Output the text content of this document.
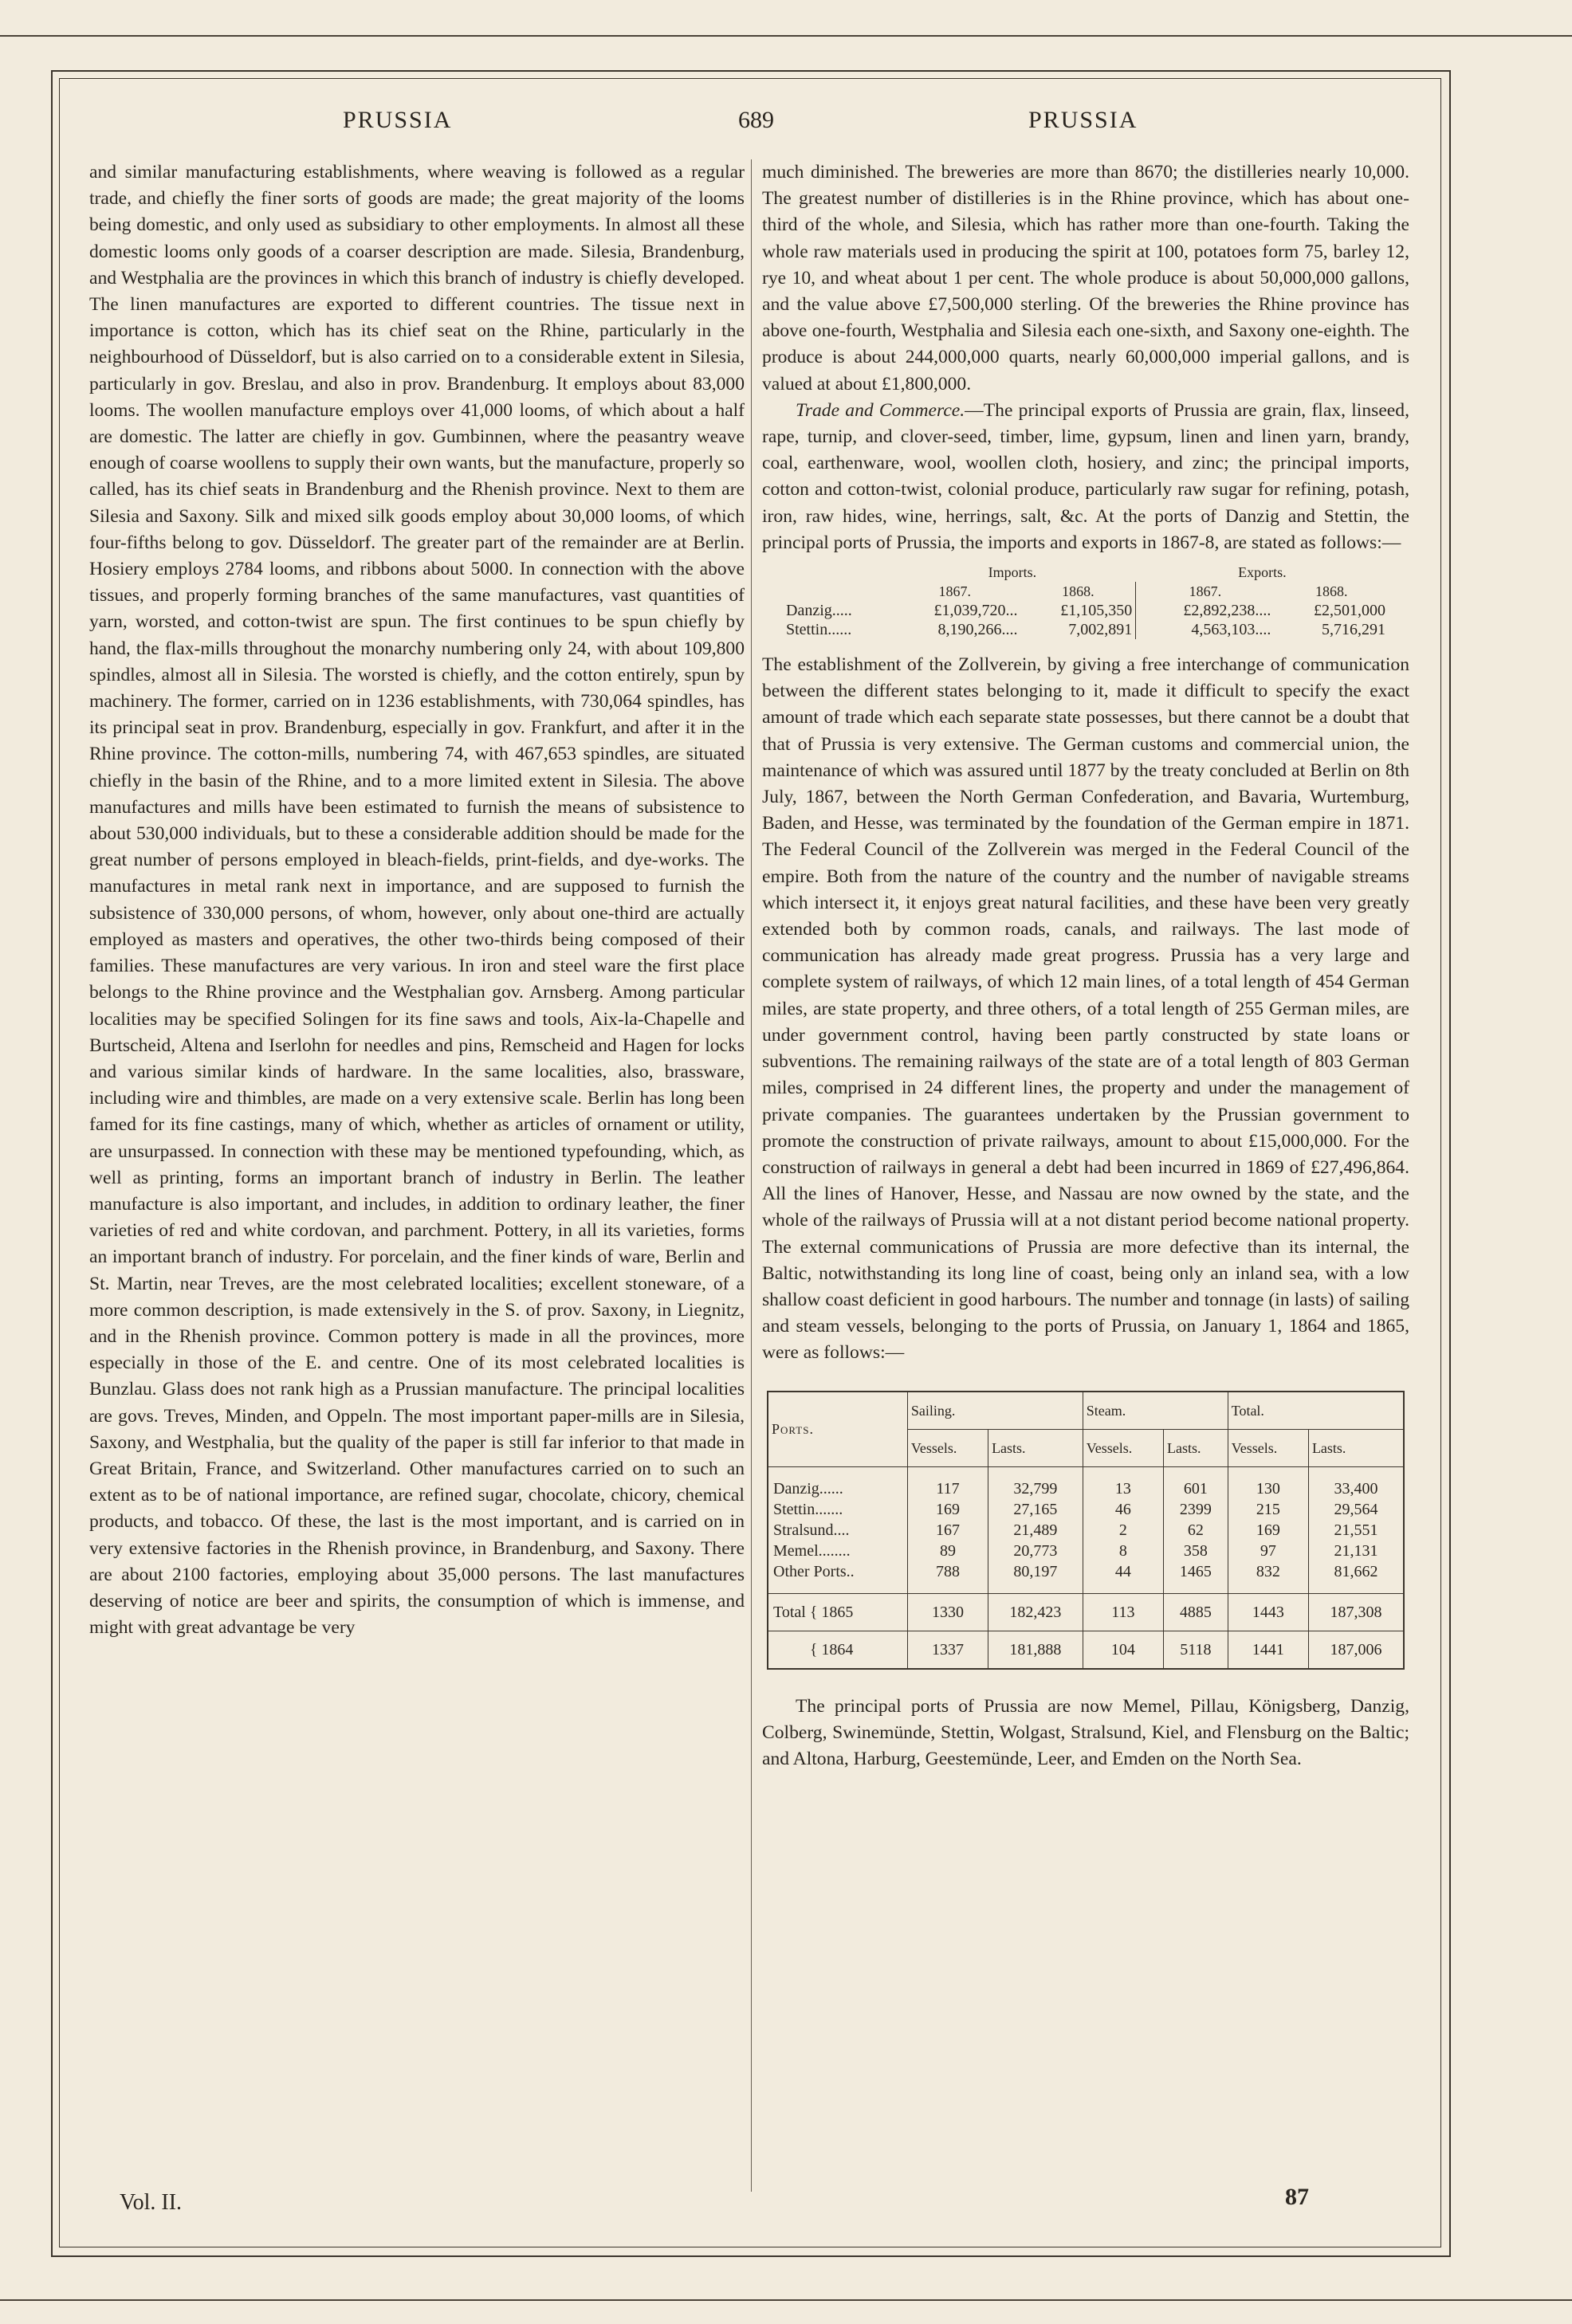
PRUSSIA	689	PRUSSIA

and similar manufacturing establishments, where weaving is followed as a regular trade, and chiefly the finer sorts of goods are made; the great majority of the looms being domestic, and only used as subsidiary to other employments. In almost all these domestic looms only goods of a coarser description are made. Silesia, Brandenburg, and Westphalia are the provinces in which this branch of industry is chiefly developed. The linen manufactures are exported to different countries. The tissue next in importance is cotton, which has its chief seat on the Rhine, particularly in the neighbourhood of Düsseldorf, but is also carried on to a considerable extent in Silesia, particularly in gov. Breslau, and also in prov. Brandenburg. It employs about 83,000 looms. The woollen manufacture employs over 41,000 looms, of which about a half are domestic. The latter are chiefly in gov. Gumbinnen, where the peasantry weave enough of coarse woollens to supply their own wants, but the manufacture, properly so called, has its chief seats in Brandenburg and the Rhenish province. Next to them are Silesia and Saxony. Silk and mixed silk goods employ about 30,000 looms, of which four-fifths belong to gov. Düsseldorf. The greater part of the remainder are at Berlin. Hosiery employs 2784 looms, and ribbons about 5000. In connection with the above tissues, and properly forming branches of the same manufactures, vast quantities of yarn, worsted, and cotton-twist are spun. The first continues to be spun chiefly by hand, the flax-mills throughout the monarchy numbering only 24, with about 109,800 spindles, almost all in Silesia. The worsted is chiefly, and the cotton entirely, spun by machinery. The former, carried on in 1236 establishments, with 730,064 spindles, has its principal seat in prov. Brandenburg, especially in gov. Frankfurt, and after it in the Rhine province. The cotton-mills, numbering 74, with 467,653 spindles, are situated chiefly in the basin of the Rhine, and to a more limited extent in Silesia. The above manufactures and mills have been estimated to furnish the means of subsistence to about 530,000 individuals, but to these a considerable addition should be made for the great number of persons employed in bleach-fields, print-fields, and dye-works. The manufactures in metal rank next in importance, and are supposed to furnish the subsistence of 330,000 persons, of whom, however, only about one-third are actually employed as masters and operatives, the other two-thirds being composed of their families. These manufactures are very various. In iron and steel ware the first place belongs to the Rhine province and the Westphalian gov. Arnsberg. Among particular localities may be specified Solingen for its fine saws and tools, Aix-la-Chapelle and Burtscheid, Altena and Iserlohn for needles and pins, Remscheid and Hagen for locks and various similar kinds of hardware. In the same localities, also, brassware, including wire and thimbles, are made on a very extensive scale. Berlin has long been famed for its fine castings, many of which, whether as articles of ornament or utility, are unsurpassed. In connection with these may be mentioned typefounding, which, as well as printing, forms an important branch of industry in Berlin. The leather manufacture is also important, and includes, in addition to ordinary leather, the finer varieties of red and white cordovan, and parchment. Pottery, in all its varieties, forms an important branch of industry. For porcelain, and the finer kinds of ware, Berlin and St. Martin, near Treves, are the most celebrated localities; excellent stoneware, of a more common description, is made extensively in the S. of prov. Saxony, in Liegnitz, and in the Rhenish province. Common pottery is made in all the provinces, more especially in those of the E. and centre. One of its most celebrated localities is Bunzlau. Glass does not rank high as a Prussian manufacture. The principal localities are govs. Treves, Minden, and Oppeln. The most important paper-mills are in Silesia, Saxony, and Westphalia, but the quality of the paper is still far inferior to that made in Great Britain, France, and Switzerland. Other manufactures carried on to such an extent as to be of national importance, are refined sugar, chocolate, chicory, chemical products, and tobacco. Of these, the last is the most important, and is carried on in very extensive factories in the Rhenish province, in Brandenburg, and Saxony. There are about 2100 factories, employing about 35,000 persons. The last manufactures deserving of notice are beer and spirits, the consumption of which is immense, and might with great advantage be very

much diminished. The breweries are more than 8670; the distilleries nearly 10,000. The greatest number of distilleries is in the Rhine province, which has about one-third of the whole, and Silesia, which has rather more than one-fourth. Taking the whole raw materials used in producing the spirit at 100, potatoes form 75, barley 12, rye 10, and wheat about 1 per cent. The whole produce is about 50,000,000 gallons, and the value above £7,500,000 sterling. Of the breweries the Rhine province has above one-fourth, Westphalia and Silesia each one-sixth, and Saxony one-eighth. The produce is about 244,000,000 quarts, nearly 60,000,000 imperial gallons, and is valued at about £1,800,000.

Trade and Commerce.—The principal exports of Prussia are grain, flax, linseed, rape, turnip, and clover-seed, timber, lime, gypsum, linen and linen yarn, brandy, coal, earthenware, wool, woollen cloth, hosiery, and zinc; the principal imports, cotton and cotton-twist, colonial produce, particularly raw sugar for refining, potash, iron, raw hides, wine, herrings, salt, &c. At the ports of Danzig and Stettin, the principal ports of Prussia, the imports and exports in 1867-8, are stated as follows:—

	Imports.		Exports.	
	1867.	1868.	1867.	1868.
Danzig.....	£1,039,720...	£1,105,350	£2,892,238....	£2,501,000
Stettin......	8,190,266....	7,002,891	4,563,103....	5,716,291

The establishment of the Zollverein, by giving a free interchange of communication between the different states belonging to it, made it difficult to specify the exact amount of trade which each separate state possesses, but there cannot be a doubt that that of Prussia is very extensive. The German customs and commercial union, the maintenance of which was assured until 1877 by the treaty concluded at Berlin on 8th July, 1867, between the North German Confederation, and Bavaria, Wurtemburg, Baden, and Hesse, was terminated by the foundation of the German empire in 1871. The Federal Council of the Zollverein was merged in the Federal Council of the empire. Both from the nature of the country and the number of navigable streams which intersect it, it enjoys great natural facilities, and these have been very greatly extended both by common roads, canals, and railways. The last mode of communication has already made great progress. Prussia has a very large and complete system of railways, of which 12 main lines, of a total length of 454 German miles, are state property, and three others, of a total length of 255 German miles, are under government control, having been partly constructed by state loans or subventions. The remaining railways of the state are of a total length of 803 German miles, comprised in 24 different lines, the property and under the management of private companies. The guarantees undertaken by the Prussian government to promote the construction of private railways, amount to about £15,000,000. For the construction of railways in general a debt had been incurred in 1869 of £27,496,864. All the lines of Hanover, Hesse, and Nassau are now owned by the state, and the whole of the railways of Prussia will at a not distant period become national property. The external communications of Prussia are more defective than its internal, the Baltic, notwithstanding its long line of coast, being only an inland sea, with a low shallow coast deficient in good harbours. The number and tonnage (in lasts) of sailing and steam vessels, belonging to the ports of Prussia, on January 1, 1864 and 1865, were as follows:—

Ports.	Sailing.		Steam.		Total.	
	Vessels.	Lasts.	Vessels.	Lasts.	Vessels.	Lasts.
Danzig......	117	32,799	13	601	130	33,400
Stettin.......	169	27,165	46	2399	215	29,564
Stralsund....	167	21,489	2	62	169	21,551
Memel........	89	20,773	8	358	97	21,131
Other Ports..	788	80,197	44	1465	832	81,662
Total { 1865	1330	182,423	113	4885	1443	187,308
{ 1864	1337	181,888	104	5118	1441	187,006

The principal ports of Prussia are now Memel, Pillau, Königsberg, Danzig, Colberg, Swinemünde, Stettin, Wolgast, Stralsund, Kiel, and Flensburg on the Baltic; and Altona, Harburg, Geestemünde, Leer, and Emden on the North Sea.

Vol. II.	87
